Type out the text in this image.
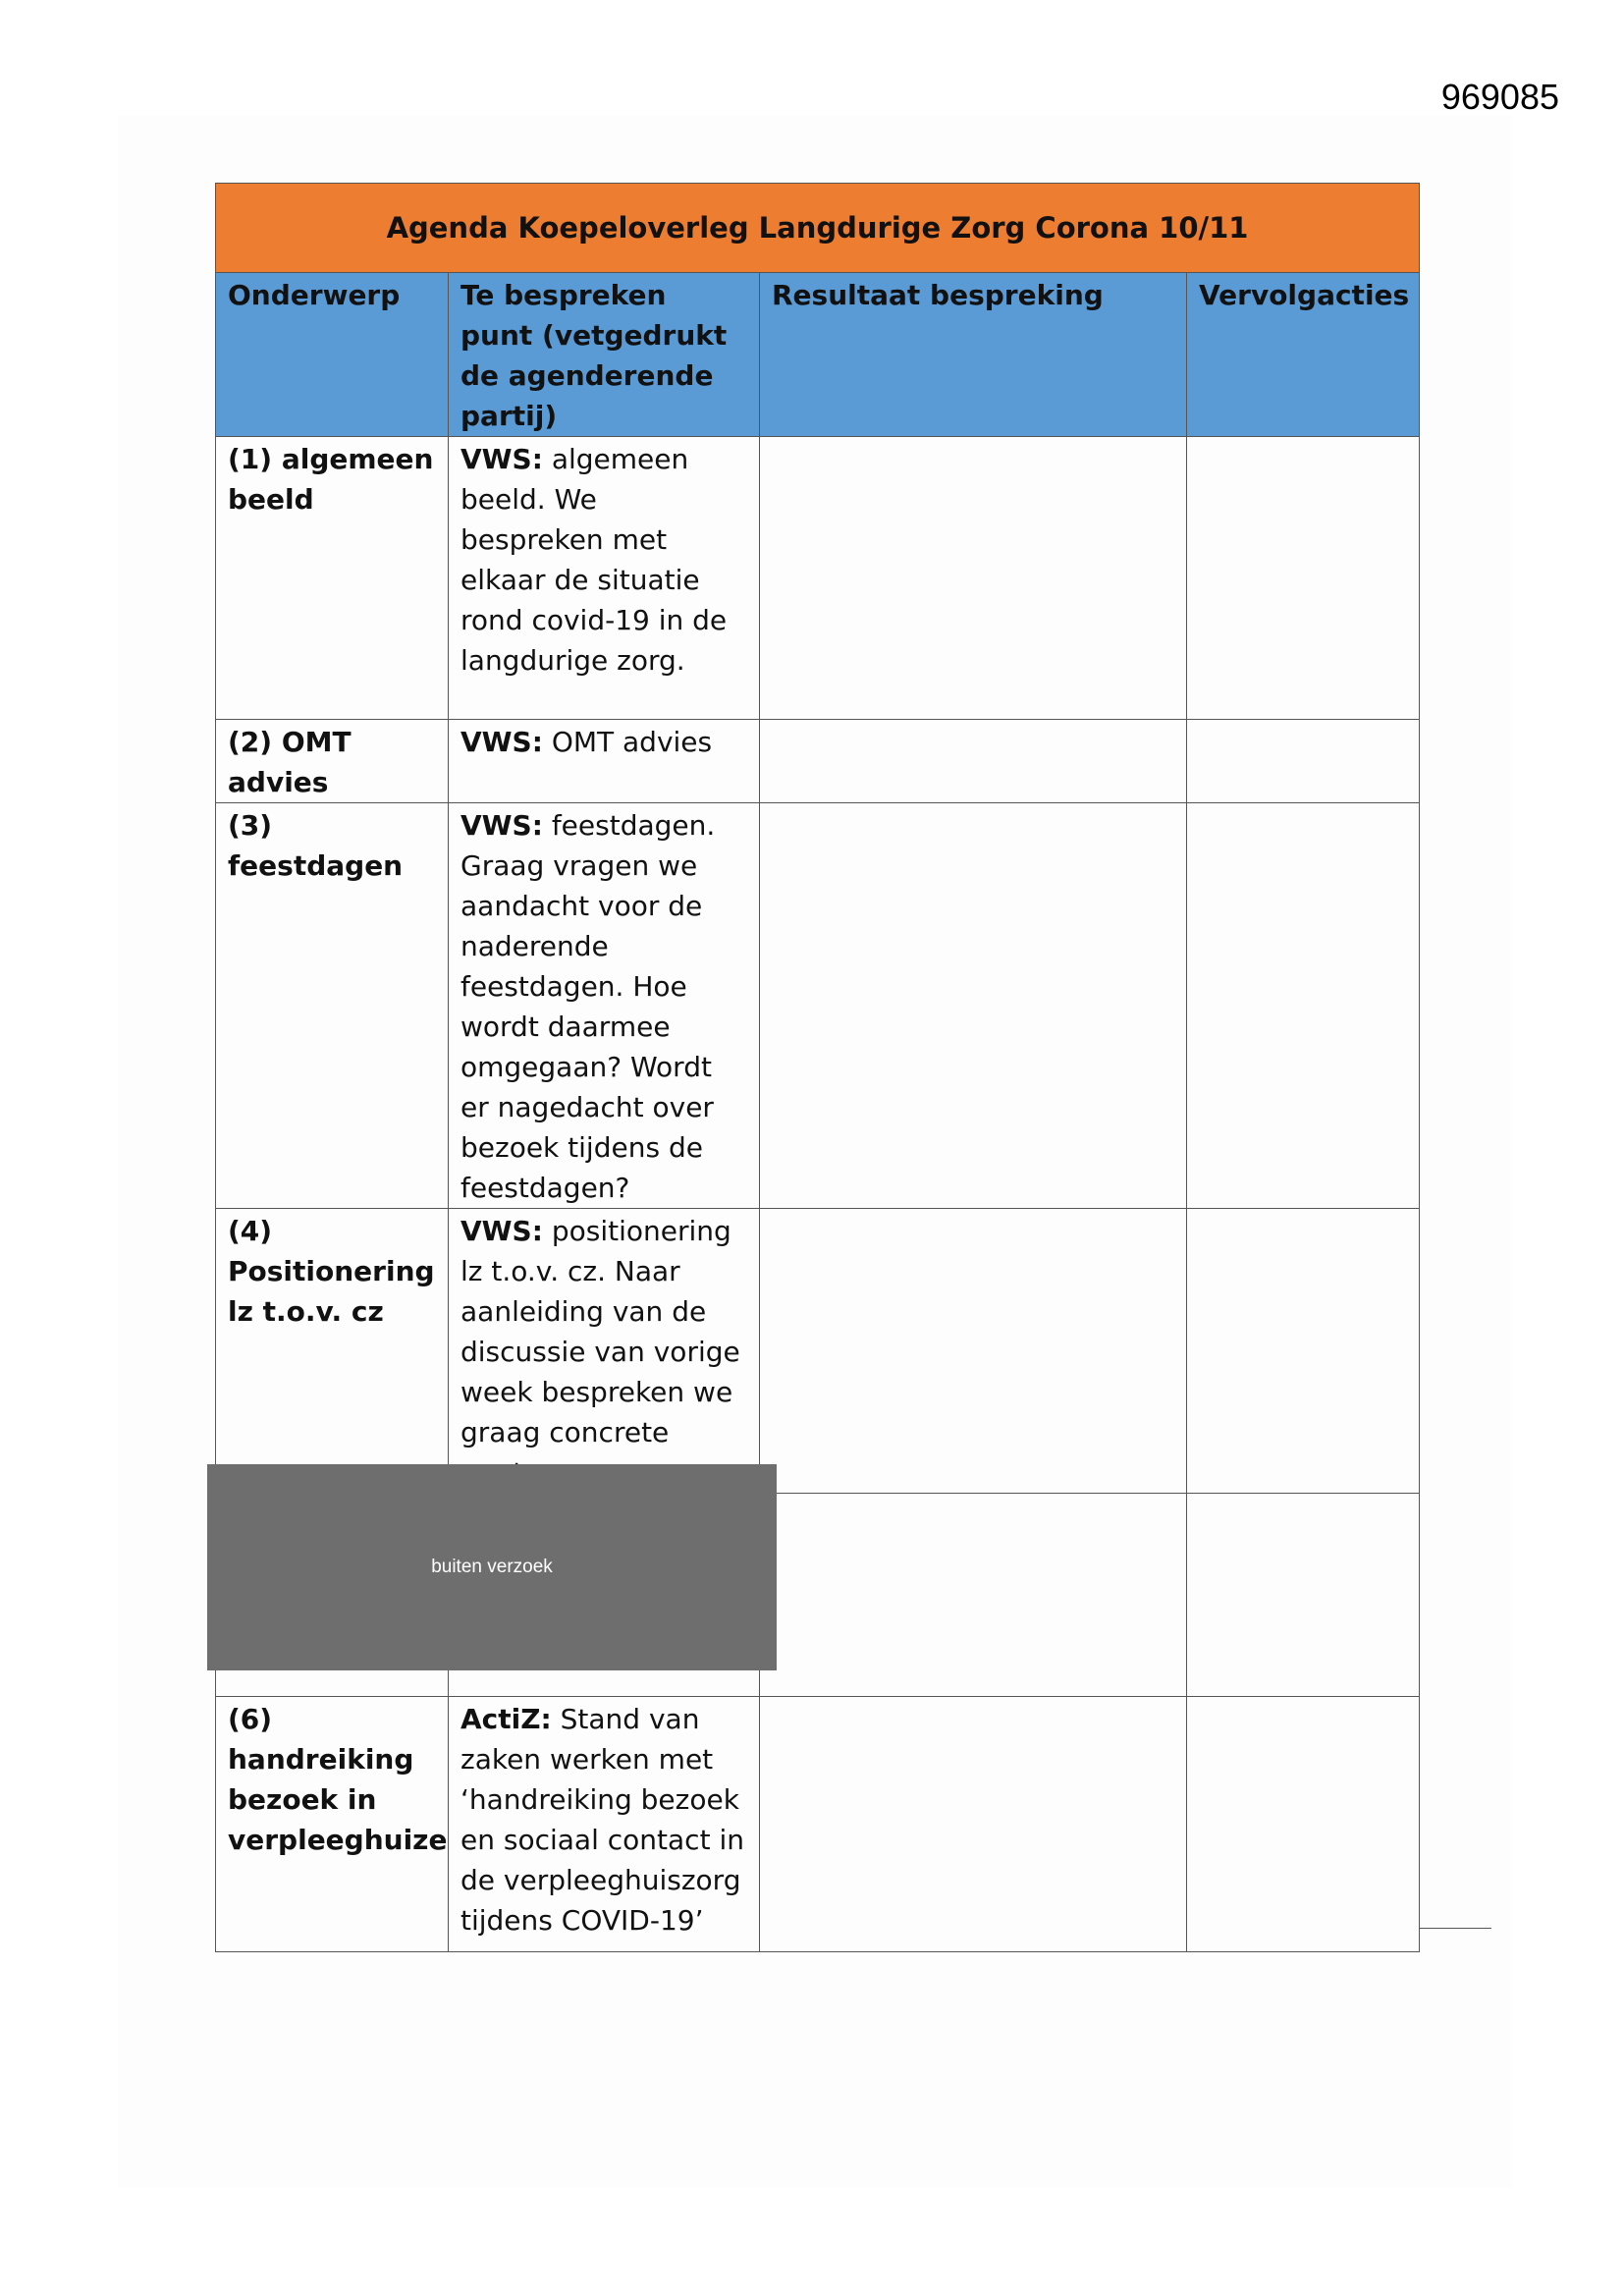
969085
Agenda Koepeloverleg Langdurige Zorg Corona 10/11			
Onderwerp	Te bespreken punt (vetgedrukt de agenderende partij)	Resultaat bespreking	Vervolgacties
(1) algemeen beeld	VWS: algemeen beeld. We bespreken met elkaar de situatie rond covid-19 in de langdurige zorg.		
(2) OMT advies	VWS: OMT advies		
(3) feestdagen	VWS: feestdagen. Graag vragen we aandacht voor de naderende feestdagen. Hoe wordt daarmee omgegaan? Wordt er nagedacht over bezoek tijdens de feestdagen?		
(4) Positionering lz t.o.v. cz	VWS: positionering lz t.o.v. cz. Naar aanleiding van de discussie van vorige week bespreken we graag concrete		

(6) handreiking bezoek in verpleeghuize	ActiZ: Stand van zaken werken met ‘handreiking bezoek en sociaal contact in de verpleeghuiszorg tijdens COVID-19’		
buiten verzoek
